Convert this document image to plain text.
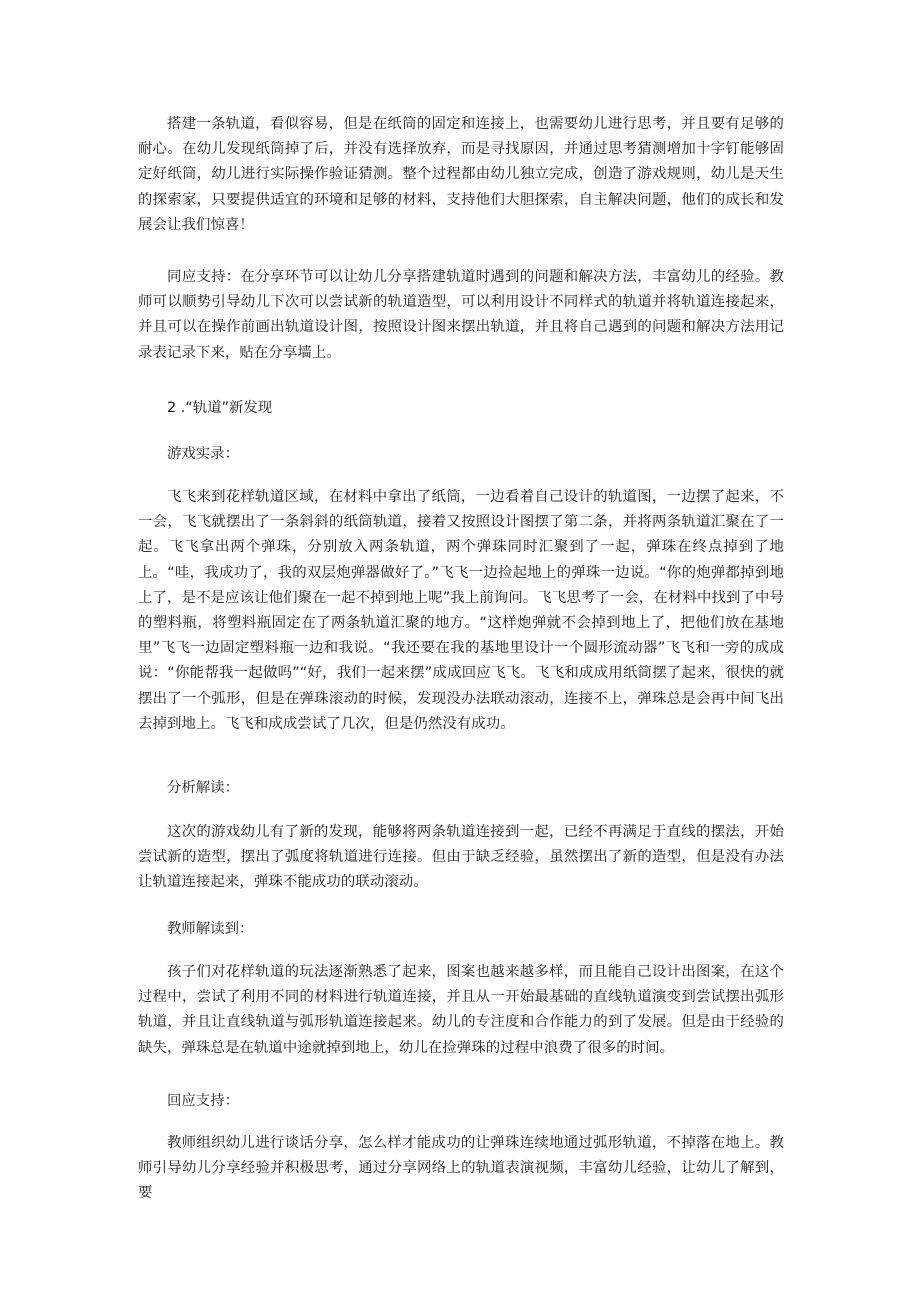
搭建一条轨道，看似容易，但是在纸筒的固定和连接上，也需要幼儿进行思考，并且要有足够的耐心。在幼儿发现纸筒掉了后，并没有选择放弃，而是寻找原因，并通过思考猜测增加十字钉能够固定好纸筒，幼儿进行实际操作验证猜测。整个过程都由幼儿独立完成，创造了游戏规则，幼儿是天生的探索家，只要提供适宜的环境和足够的材料，支持他们大胆探索，自主解决问题，他们的成长和发展会让我们惊喜！

同应支持：在分享环节可以让幼儿分享搭建轨道时遇到的问题和解决方法，丰富幼儿的经验。教师可以顺势引导幼儿下次可以尝试新的轨道造型，可以利用设计不同样式的轨道并将轨道连接起来，并且可以在操作前画出轨道设计图，按照设计图来摆出轨道，并且将自己遇到的问题和解决方法用记录表记录下来，贴在分享墙上。

2 .“轨道”新发现

游戏实录：

飞飞来到花样轨道区域，在材料中拿出了纸筒，一边看着自己设计的轨道图，一边摆了起来，不一会，飞飞就摆出了一条斜斜的纸筒轨道，接着又按照设计图摆了第二条，并将两条轨道汇聚在了一起。飞飞拿出两个弹珠，分别放入两条轨道，两个弹珠同时汇聚到了一起，弹珠在终点掉到了地上。“哇，我成功了，我的双层炮弹器做好了。”飞飞一边捡起地上的弹珠一边说。“你的炮弹都掉到地上了，是不是应该让他们聚在一起不掉到地上呢”我上前询问。飞飞思考了一会，在材料中找到了中号的塑料瓶，将塑料瓶固定在了两条轨道汇聚的地方。“这样炮弹就不会掉到地上了，把他们放在基地里”飞飞一边固定塑料瓶一边和我说。“我还要在我的基地里设计一个圆形流动器”飞飞和一旁的成成说：“你能帮我一起做吗”“好，我们一起来摆”成成回应飞飞。飞飞和成成用纸筒摆了起来，很快的就摆出了一个弧形，但是在弹珠滚动的时候，发现没办法联动滚动，连接不上，弹珠总是会再中间飞出去掉到地上。飞飞和成成尝试了几次，但是仍然没有成功。

分析解读：

这次的游戏幼儿有了新的发现，能够将两条轨道连接到一起，已经不再满足于直线的摆法，开始尝试新的造型，摆出了弧度将轨道进行连接。但由于缺乏经验，虽然摆出了新的造型，但是没有办法让轨道连接起来，弹珠不能成功的联动滚动。

教师解读到：

孩子们对花样轨道的玩法逐渐熟悉了起来，图案也越来越多样，而且能自己设计出图案，在这个过程中，尝试了利用不同的材料进行轨道连接，并且从一开始最基础的直线轨道演变到尝试摆出弧形轨道，并且让直线轨道与弧形轨道连接起来。幼儿的专注度和合作能力的到了发展。但是由于经验的缺失，弹珠总是在轨道中途就掉到地上，幼儿在捡弹珠的过程中浪费了很多的时间。

回应支持：

教师组织幼儿进行谈话分享，怎么样才能成功的让弹珠连续地通过弧形轨道，不掉落在地上。教师引导幼儿分享经验并积极思考，通过分享网络上的轨道表演视频，丰富幼儿经验，让幼儿了解到，要
